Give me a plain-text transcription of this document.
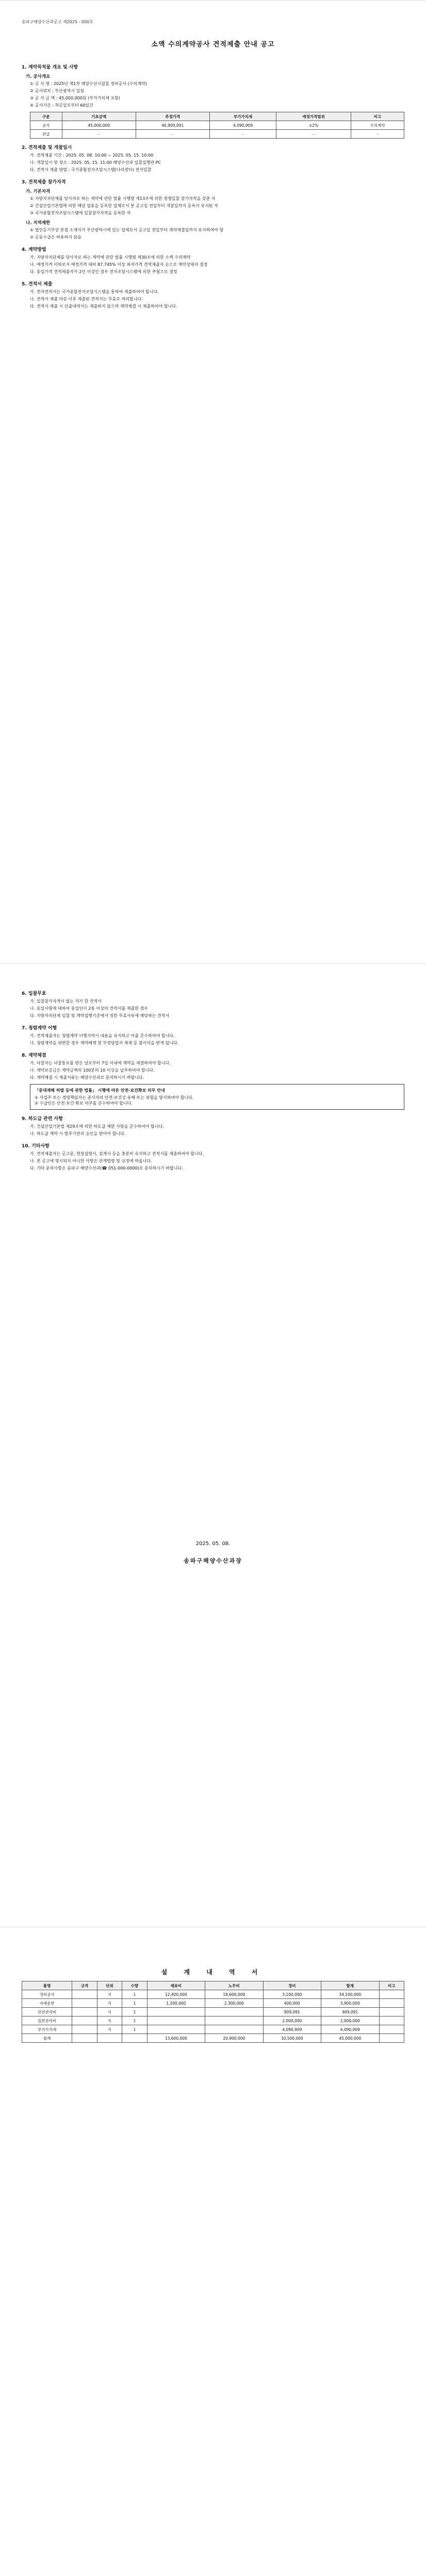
송파구해양수산과공고 제2025 - 000호
소액 수의계약공사 견적제출 안내 공고
1. 계약목적물 개요 및 사항
가. 공사개요
① 공 사 명 : 2025년 제1차 해양수산시설물 정비공사 (수의계약)
② 공사위치 : 부산광역시 일원
③ 공 사 금 액 : 45,000,000원 (부가가치세 포함)
④ 공사기간 : 착공일로부터 60일간
구분	기초금액	추정가격	부가가치세	예정가격범위	비고
공사	45,000,000	40,909,091	4,090,909	±2%	수의계약
관급	-	-	-	-	-
2. 견적제출 및 개찰일시
가. 견적제출 기간 : 2025. 05. 08. 10:00 ~ 2025. 05. 15. 10:00
나. 개찰일시 및 장소 : 2025. 05. 15. 11:00 해양수산과 입찰집행관 PC
다. 견적서 제출 방법 : 국가종합전자조달시스템(나라장터) 전자입찰
3. 견적제출 참가자격
가. 기본자격
① 지방자치단체를 당사자로 하는 계약에 관한 법률 시행령 제13조에 의한 경쟁입찰 참가자격을 갖춘 자
② 건설산업기본법에 의한 해당 업종을 등록한 업체로서 본 공고일 전일부터 개찰일까지 등록이 유지된 자
③ 국가종합전자조달시스템에 입찰참가자격을 등록한 자
나. 지역제한
① 법인등기부상 본점 소재지가 부산광역시에 있는 업체로서 공고일 전일부터 계약체결일까지 유지하여야 함
② 공동수급은 허용하지 않음
4. 계약방법
가. 지방자치단체를 당사자로 하는 계약에 관한 법률 시행령 제30조에 의한 소액 수의계약
나. 예정가격 이하로서 예정가격 대비 87.745% 이상 최저가격 견적제출자 순으로 계약상대자 결정
다. 동일가격 견적제출자가 2인 이상인 경우 전자조달시스템에 의한 추첨으로 결정
5. 견적서 제출
가. 전자견적서는 국가종합전자조달시스템을 통하여 제출하여야 합니다.
나. 견적서 제출 마감 이후 제출된 견적서는 무효로 처리합니다.
다. 견적서 제출 시 산출내역서는 제출하지 않으며 계약체결 시 제출하여야 합니다.
6. 입찰무효
가. 입찰참가자격이 없는 자가 한 견적서
나. 동일사항에 대하여 동일인이 2통 이상의 견적서를 제출한 경우
다. 지방자치단체 입찰 및 계약집행기준에서 정한 무효사유에 해당하는 견적서
7. 청렴계약 이행
가. 견적제출자는 청렴계약 이행서약서 내용을 숙지하고 이를 준수하여야 합니다.
나. 청렴계약을 위반한 경우 계약해제 및 부정당업자 제재 등 불이익을 받게 됩니다.
8. 계약체결
가. 낙찰자는 낙찰통보를 받은 날로부터 7일 이내에 계약을 체결하여야 합니다.
나. 계약보증금은 계약금액의 100분의 10 이상을 납부하여야 합니다.
다. 계약체결 시 제출서류는 해양수산과로 문의하시기 바랍니다.
「중대재해 처벌 등에 관한 법률」 시행에 따른 안전·보건확보 의무 안내
① 사업주 또는 경영책임자는 종사자의 안전·보건상 유해 또는 위험을 방지하여야 합니다.
② 수급인은 안전·보건 확보 의무를 준수하여야 합니다.
9. 하도급 관련 사항
가. 건설산업기본법 제29조에 의한 하도급 제한 사항을 준수하여야 합니다.
나. 하도급 계약 시 발주기관의 승인을 받아야 합니다.
10. 기타사항
가. 견적제출자는 공고문, 현장설명서, 설계서 등을 충분히 숙지하고 견적서를 제출하여야 합니다.
나. 본 공고에 명시되지 아니한 사항은 관계법령 및 규정에 따릅니다.
다. 기타 문의사항은 송파구 해양수산과(☎ 051-000-0000)로 문의하시기 바랍니다.
2025. 05. 08.
송파구해양수산과장
설 계 내 역 서
품명	규격	단위	수량	재료비	노무비	경비	합계	비고
정비공사		식	1	12,400,000	18,600,000	3,100,000	34,100,000	
자재운반		식	1	1,200,000	2,300,000	400,000	3,900,000	
안전관리비		식	1			909,091	909,091	
일반관리비		식	1			2,000,000	2,000,000	
부가가치세		식	1			4,090,909	4,090,909	
합계				13,600,000	20,900,000	10,500,000	45,000,000	
